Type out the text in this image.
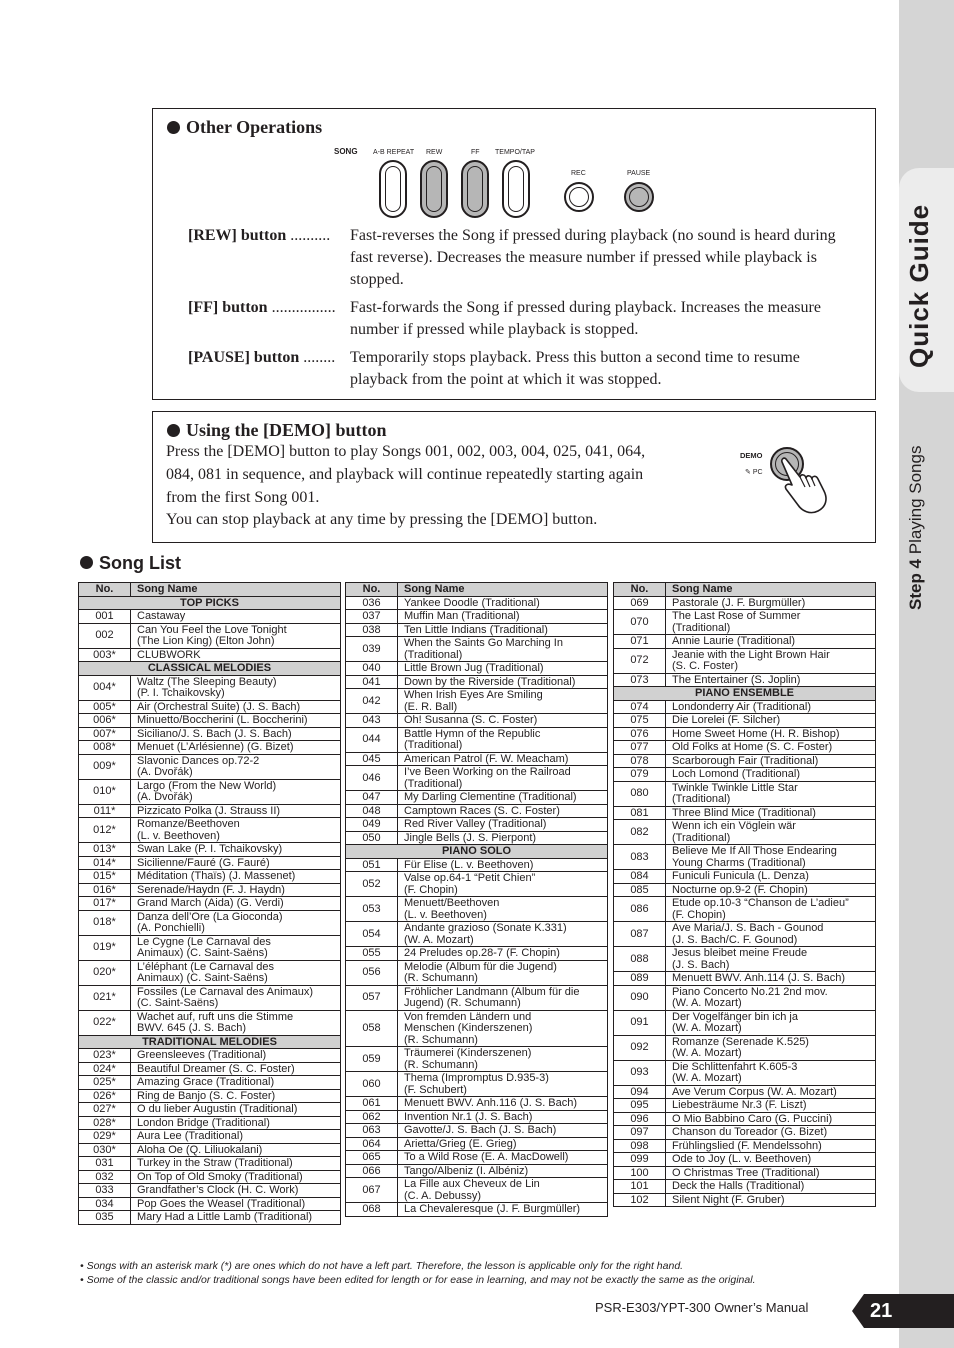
Quick Guide
Step 4 Playing Songs
Other Operations
SONG A-B REPEAT REW	FF TEMPO/TAP
REC	PAUSE
[REW] button .......... Fast-reverses the Song if pressed during playback (no sound is heard during fast reverse). Decreases the measure number if pressed while playback is stopped.
[FF] button ................ Fast-forwards the Song if pressed during playback. Increases the measure number if pressed while playback is stopped.
[PAUSE] button ........ Temporarily stops playback. Press this button a second time to resume playback from the point at which it was stopped.
Using the [DEMO] button
Press the [DEMO] button to play Songs 001, 002, 003, 004, 025, 041, 064,
084, 081 in sequence, and playback will continue repeatedly starting again
from the first Song 001.
You can stop playback at any time by pressing the [DEMO] button.
DEMO
✎ PC
Song List
No.	Song Name
TOP PICKS	
001	Castaway
002	Can You Feel the Love Tonight
(The Lion King) (Elton John)
003*	CLUBWORK
CLASSICAL MELODIES	
004*	Waltz (The Sleeping Beauty)
(P. I. Tchaikovsky)
005*	Air (Orchestral Suite) (J. S. Bach)
006*	Minuetto/Boccherini (L. Boccherini)
007*	Siciliano/J. S. Bach (J. S. Bach)
008*	Menuet (L’Arlésienne) (G. Bizet)
009*	Slavonic Dances op.72-2
(A. Dvořák)
010*	Largo (From the New World)
(A. Dvořák)
011*	Pizzicato Polka (J. Strauss II)
012*	Romanze/Beethoven
(L. v. Beethoven)
013*	Swan Lake (P. I. Tchaikovsky)
014*	Sicilienne/Fauré (G. Fauré)
015*	Méditation (Thaïs) (J. Massenet)
016*	Serenade/Haydn (F. J. Haydn)
017*	Grand March (Aida) (G. Verdi)
018*	Danza dell’Ore (La Gioconda)
(A. Ponchielli)
019*	Le Cygne (Le Carnaval des
Animaux) (C. Saint-Saëns)
020*	L’éléphant (Le Carnaval des
Animaux) (C. Saint-Saëns)
021*	Fossiles (Le Carnaval des Animaux)
(C. Saint-Saëns)
022*	Wachet auf, ruft uns die Stimme
BWV. 645 (J. S. Bach)
TRADITIONAL MELODIES	
023*	Greensleeves (Traditional)
024*	Beautiful Dreamer (S. C. Foster)
025*	Amazing Grace (Traditional)
026*	Ring de Banjo (S. C. Foster)
027*	O du lieber Augustin (Traditional)
028*	London Bridge (Traditional)
029*	Aura Lee (Traditional)
030*	Aloha Oe (Q. Liliuokalani)
031	Turkey in the Straw (Traditional)
032	On Top of Old Smoky (Traditional)
033	Grandfather’s Clock (H. C. Work)
034	Pop Goes the Weasel (Traditional)
035	Mary Had a Little Lamb (Traditional)
No.	Song Name
036	Yankee Doodle (Traditional)
037	Muffin Man (Traditional)
038	Ten Little Indians (Traditional)
039	When the Saints Go Marching In
(Traditional)
040	Little Brown Jug (Traditional)
041	Down by the Riverside (Traditional)
042	When Irish Eyes Are Smiling
(E. R. Ball)
043	Oh! Susanna (S. C. Foster)
044	Battle Hymn of the Republic
(Traditional)
045	American Patrol (F. W. Meacham)
046	I’ve Been Working on the Railroad
(Traditional)
047	My Darling Clementine (Traditional)
048	Camptown Races (S. C. Foster)
049	Red River Valley (Traditional)
050	Jingle Bells (J. S. Pierpont)
PIANO SOLO	
051	Für Elise (L. v. Beethoven)
052	Valse op.64-1 “Petit Chien”
(F. Chopin)
053	Menuett/Beethoven
(L. v. Beethoven)
054	Andante grazioso (Sonate K.331)
(W. A. Mozart)
055	24 Preludes op.28-7 (F. Chopin)
056	Melodie (Album für die Jugend)
(R. Schumann)
057	Fröhlicher Landmann (Album für die
Jugend) (R. Schumann)
058	Von fremden Ländern und
Menschen (Kinderszenen)
(R. Schumann)
059	Träumerei (Kinderszenen)
(R. Schumann)
060	Thema (Impromptus D.935-3)
(F. Schubert)
061	Menuett BWV. Anh.116 (J. S. Bach)
062	Invention Nr.1 (J. S. Bach)
063	Gavotte/J. S. Bach (J. S. Bach)
064	Arietta/Grieg (E. Grieg)
065	To a Wild Rose (E. A. MacDowell)
066	Tango/Albeniz (I. Albéniz)
067	La Fille aux Cheveux de Lin
(C. A. Debussy)
068	La Chevaleresque (J. F. Burgmüller)
No.	Song Name
069	Pastorale (J. F. Burgmüller)
070	The Last Rose of Summer
(Traditional)
071	Annie Laurie (Traditional)
072	Jeanie with the Light Brown Hair
(S. C. Foster)
073	The Entertainer (S. Joplin)
PIANO ENSEMBLE	
074	Londonderry Air (Traditional)
075	Die Lorelei (F. Silcher)
076	Home Sweet Home (H. R. Bishop)
077	Old Folks at Home (S. C. Foster)
078	Scarborough Fair (Traditional)
079	Loch Lomond (Traditional)
080	Twinkle Twinkle Little Star
(Traditional)
081	Three Blind Mice (Traditional)
082	Wenn ich ein Vöglein wär
(Traditional)
083	Believe Me If All Those Endearing
Young Charms (Traditional)
084	Funiculi Funicula (L. Denza)
085	Nocturne op.9-2 (F. Chopin)
086	Etude op.10-3 “Chanson de L’adieu”
(F. Chopin)
087	Ave Maria/J. S. Bach - Gounod
(J. S. Bach/C. F. Gounod)
088	Jesus bleibet meine Freude
(J. S. Bach)
089	Menuett BWV. Anh.114 (J. S. Bach)
090	Piano Concerto No.21 2nd mov.
(W. A. Mozart)
091	Der Vogelfänger bin ich ja
(W. A. Mozart)
092	Romanze (Serenade K.525)
(W. A. Mozart)
093	Die Schlittenfahrt K.605-3
(W. A. Mozart)
094	Ave Verum Corpus (W. A. Mozart)
095	Liebesträume Nr.3 (F. Liszt)
096	O Mio Babbino Caro (G. Puccini)
097	Chanson du Toreador (G. Bizet)
098	Frühlingslied (F. Mendelssohn)
099	Ode to Joy (L. v. Beethoven)
100	O Christmas Tree (Traditional)
101	Deck the Halls (Traditional)
102	Silent Night (F. Gruber)
• Songs with an asterisk mark (*) are ones which do not have a left part. Therefore, the lesson is applicable only for the right hand.
• Some of the classic and/or traditional songs have been edited for length or for ease in learning, and may not be exactly the same as the original.
PSR-E303/YPT-300 Owner’s Manual	21
